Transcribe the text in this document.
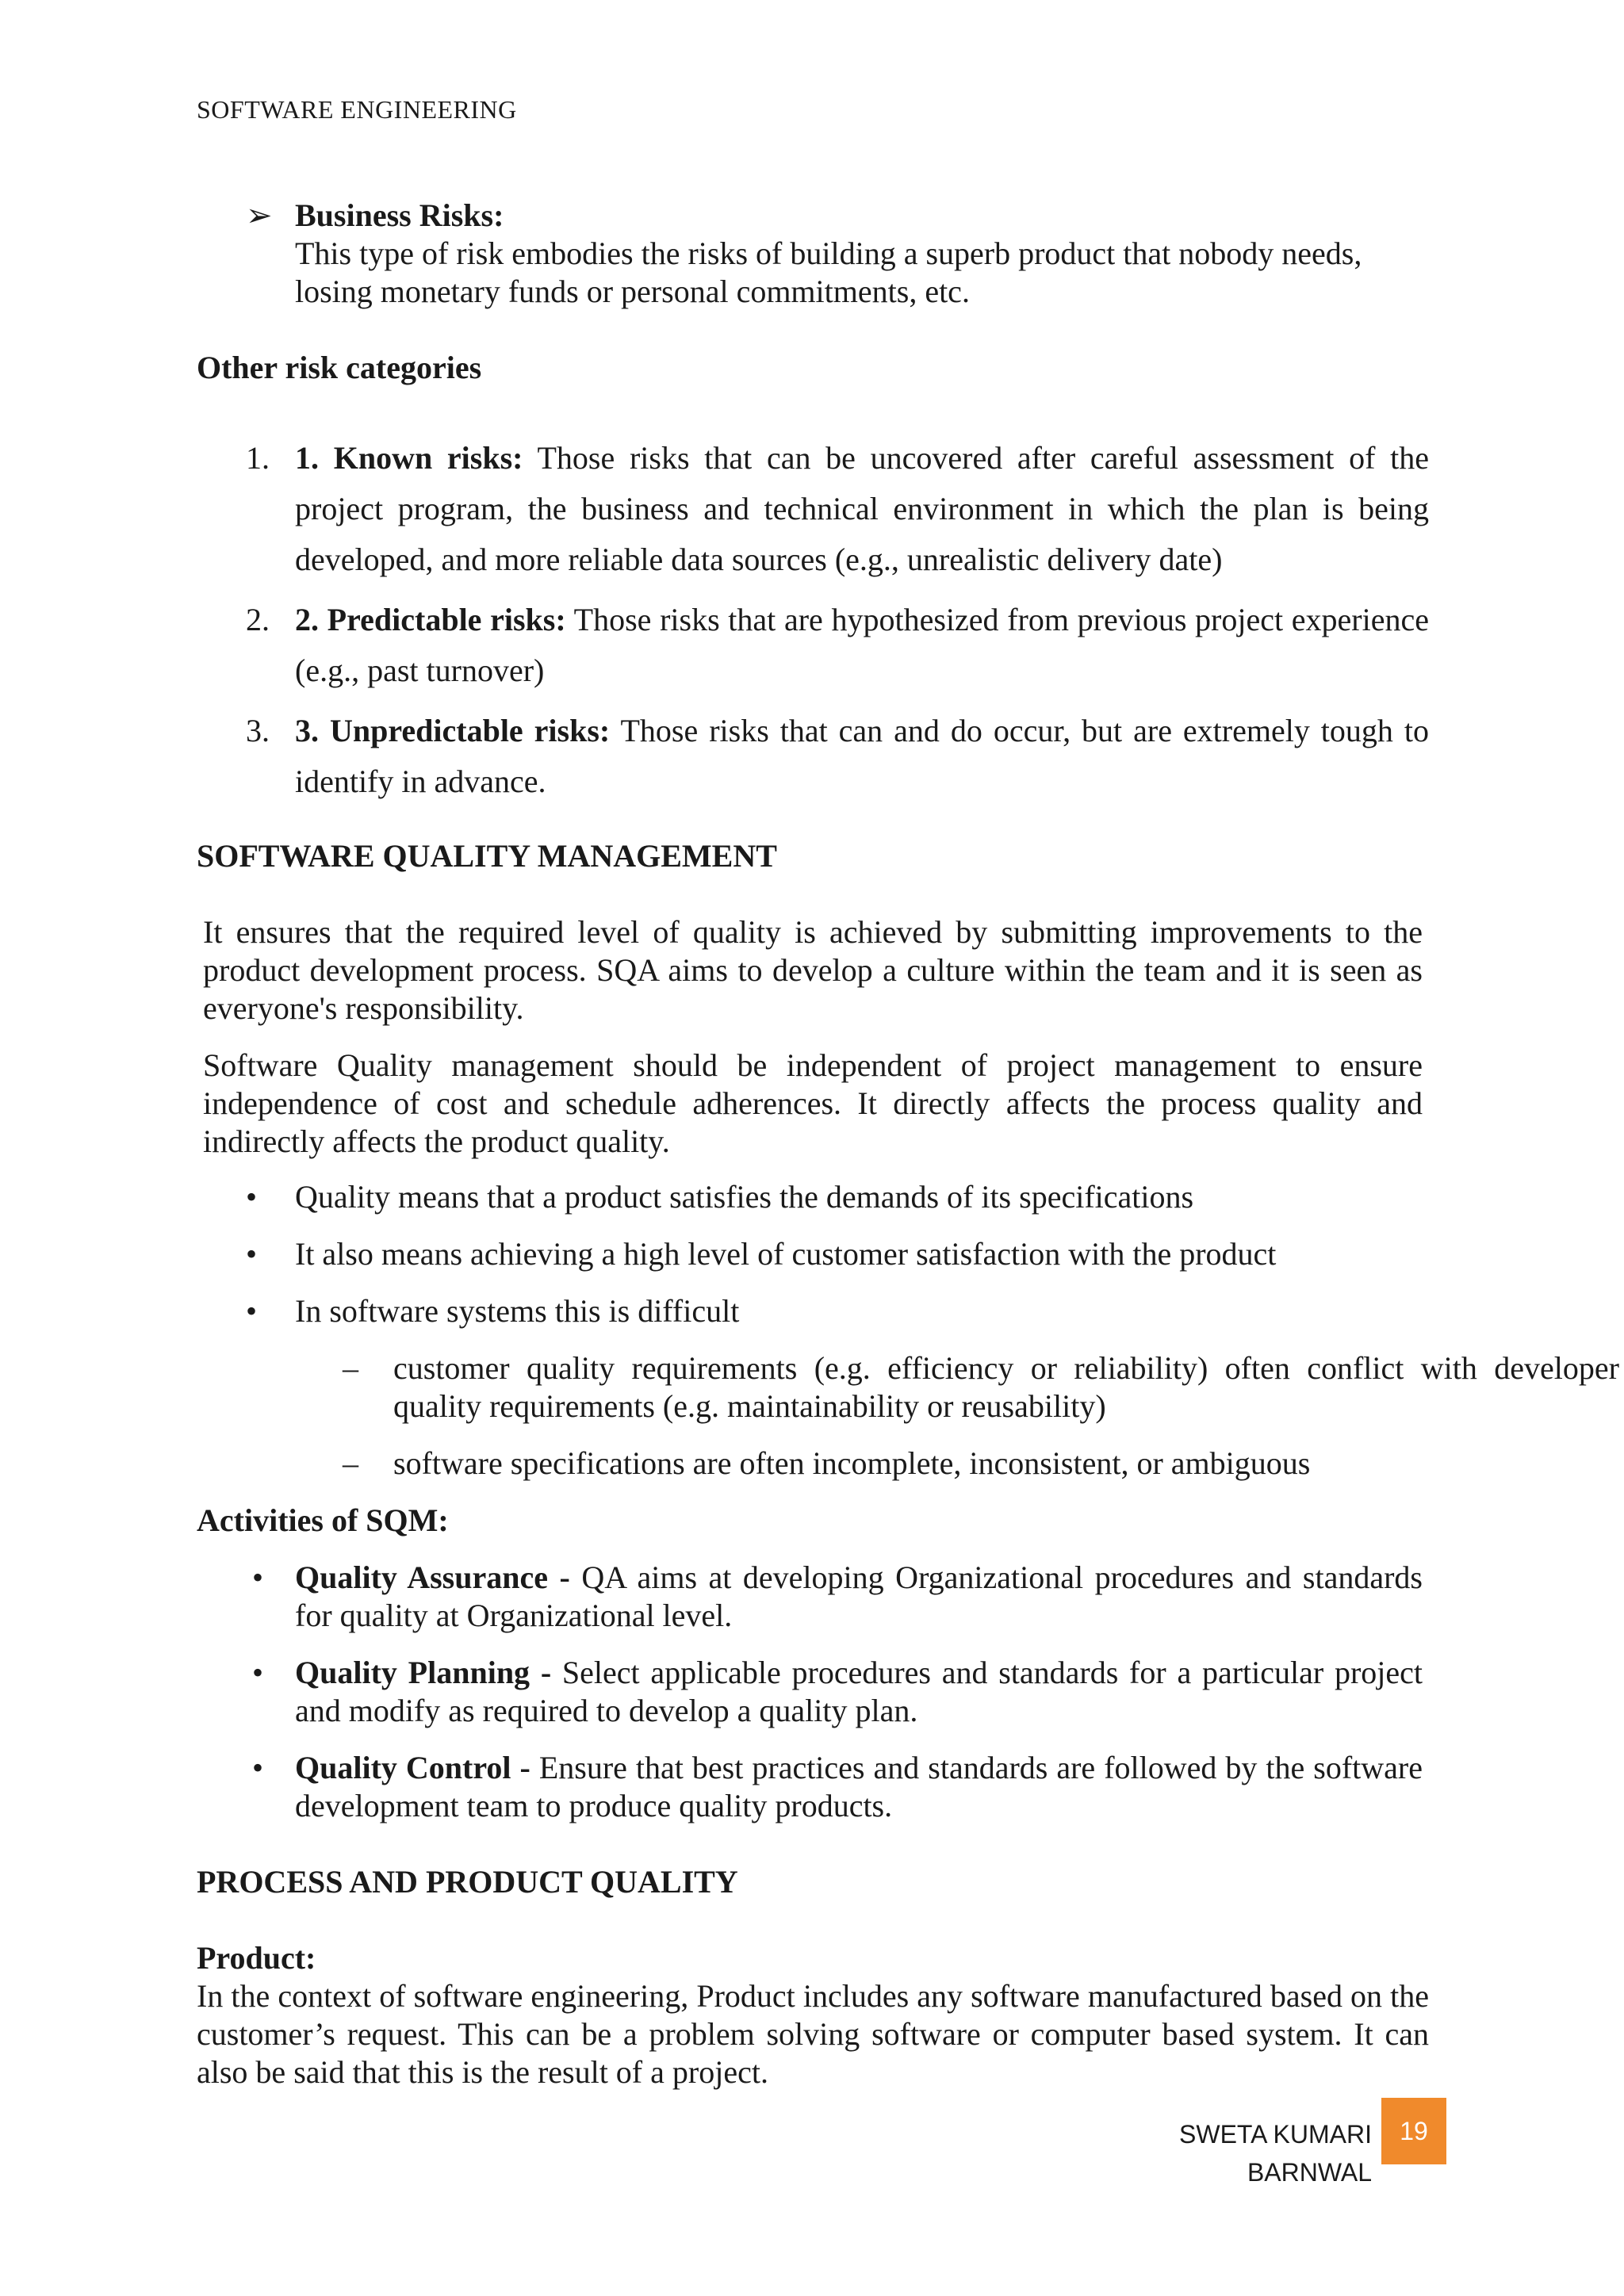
SOFTWARE ENGINEERING
➢ Business Risks:
This type of risk embodies the risks of building a superb product that nobody needs, losing monetary funds or personal commitments, etc.
Other risk categories
1. 1. Known risks: Those risks that can be uncovered after careful assessment of the project program, the business and technical environment in which the plan is being developed, and more reliable data sources (e.g., unrealistic delivery date)
2. 2. Predictable risks: Those risks that are hypothesized from previous project experience (e.g., past turnover)
3. 3. Unpredictable risks: Those risks that can and do occur, but are extremely tough to identify in advance.
SOFTWARE QUALITY MANAGEMENT
It ensures that the required level of quality is achieved by submitting improvements to the product development process. SQA aims to develop a culture within the team and it is seen as everyone's responsibility.
Software Quality management should be independent of project management to ensure independence of cost and schedule adherences. It directly affects the process quality and indirectly affects the product quality.
• Quality means that a product satisfies the demands of its specifications
• It also means achieving a high level of customer satisfaction with the product
• In software systems this is difficult
– customer quality requirements (e.g. efficiency or reliability) often conflict with developer quality requirements (e.g. maintainability or reusability)
– software specifications are often incomplete, inconsistent, or ambiguous
Activities of SQM:
• Quality Assurance - QA aims at developing Organizational procedures and standards for quality at Organizational level.
• Quality Planning - Select applicable procedures and standards for a particular project and modify as required to develop a quality plan.
• Quality Control - Ensure that best practices and standards are followed by the software development team to produce quality products.
PROCESS AND PRODUCT QUALITY
Product:
In the context of software engineering, Product includes any software manufactured based on the customer’s request. This can be a problem solving software or computer based system. It can also be said that this is the result of a project.
SWETA KUMARI BARNWAL
19
